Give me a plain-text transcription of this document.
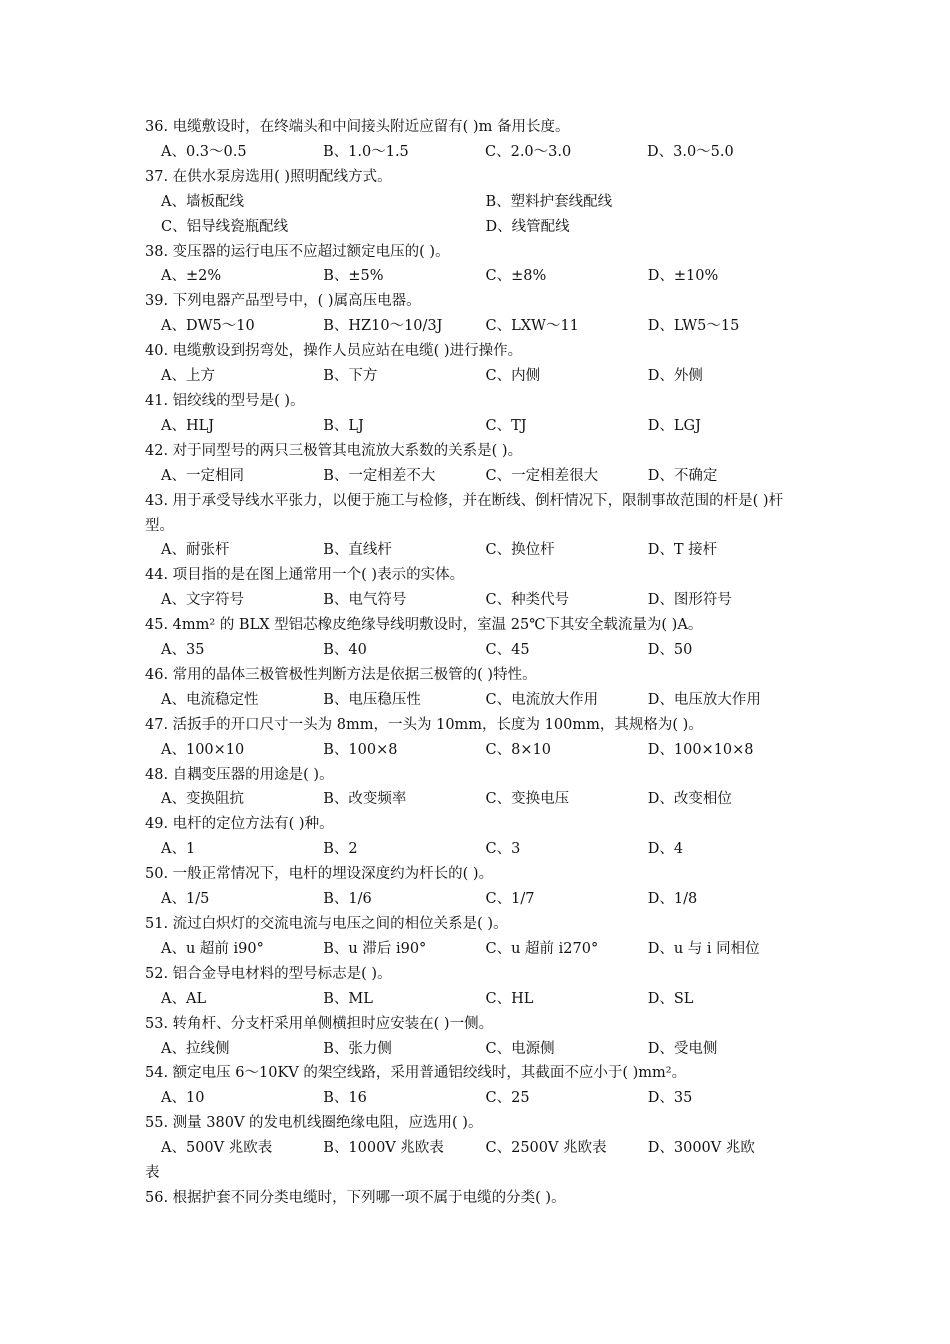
36. 电缆敷设时，在终端头和中间接头附近应留有( )m 备用长度。

A、0.3～0.5	B、1.0～1.5	C、2.0～3.0	D、3.0～5.0

37. 在供水泵房选用( )照明配线方式。

A、墙板配线	B、塑料护套线配线
C、铝导线瓷瓶配线	D、线管配线

38. 变压器的运行电压不应超过额定电压的( )。

A、±2%	B、±5%	C、±8%	D、±10%

39. 下列电器产品型号中，( )属高压电器。

A、DW5～10	B、HZ10～10/3J	C、LXW～11	D、LW5～15

40. 电缆敷设到拐弯处，操作人员应站在电缆( )进行操作。

A、上方	B、下方	C、内侧	D、外侧

41. 铝绞线的型号是( )。

A、HLJ	B、LJ	C、TJ	D、LGJ

42. 对于同型号的两只三极管其电流放大系数的关系是( )。

A、一定相同	B、一定相差不大	C、一定相差很大	D、不确定

43. 用于承受导线水平张力，以便于施工与检修，并在断线、倒杆情况下，限制事故范围的杆是( )杆型。

A、耐张杆	B、直线杆	C、换位杆	D、T 接杆

44. 项目指的是在图上通常用一个( )表示的实体。

A、文字符号	B、电气符号	C、种类代号	D、图形符号

45. 4mm² 的 BLX 型铝芯橡皮绝缘导线明敷设时，室温 25℃下其安全载流量为( )A。

A、35	B、40	C、45	D、50

46. 常用的晶体三极管极性判断方法是依据三极管的( )特性。

A、电流稳定性	B、电压稳压性	C、电流放大作用	D、电压放大作用

47. 活扳手的开口尺寸一头为 8mm，一头为 10mm，长度为 100mm，其规格为( )。

A、100×10	B、100×8	C、8×10	D、100×10×8

48. 自耦变压器的用途是( )。

A、变换阻抗	B、改变频率	C、变换电压	D、改变相位

49. 电杆的定位方法有( )种。

A、1	B、2	C、3	D、4

50. 一般正常情况下，电杆的埋设深度约为杆长的( )。

A、1/5	B、1/6	C、1/7	D、1/8

51. 流过白炽灯的交流电流与电压之间的相位关系是( )。

A、u 超前 i90°	B、u 滞后 i90°	C、u 超前 i270°	D、u 与 i 同相位

52. 铝合金导电材料的型号标志是( )。

A、AL	B、ML	C、HL	D、SL

53. 转角杆、分支杆采用单侧横担时应安装在( )一侧。

A、拉线侧	B、张力侧	C、电源侧	D、受电侧

54. 额定电压 6～10KV 的架空线路，采用普通铝绞线时，其截面不应小于( )mm²。

A、10	B、16	C、25	D、35

55. 测量 380V 的发电机线圈绝缘电阻，应选用( )。

A、500V 兆欧表	B、1000V 兆欧表	C、2500V 兆欧表	D、3000V 兆欧

表

56. 根据护套不同分类电缆时，下列哪一项不属于电缆的分类( )。
